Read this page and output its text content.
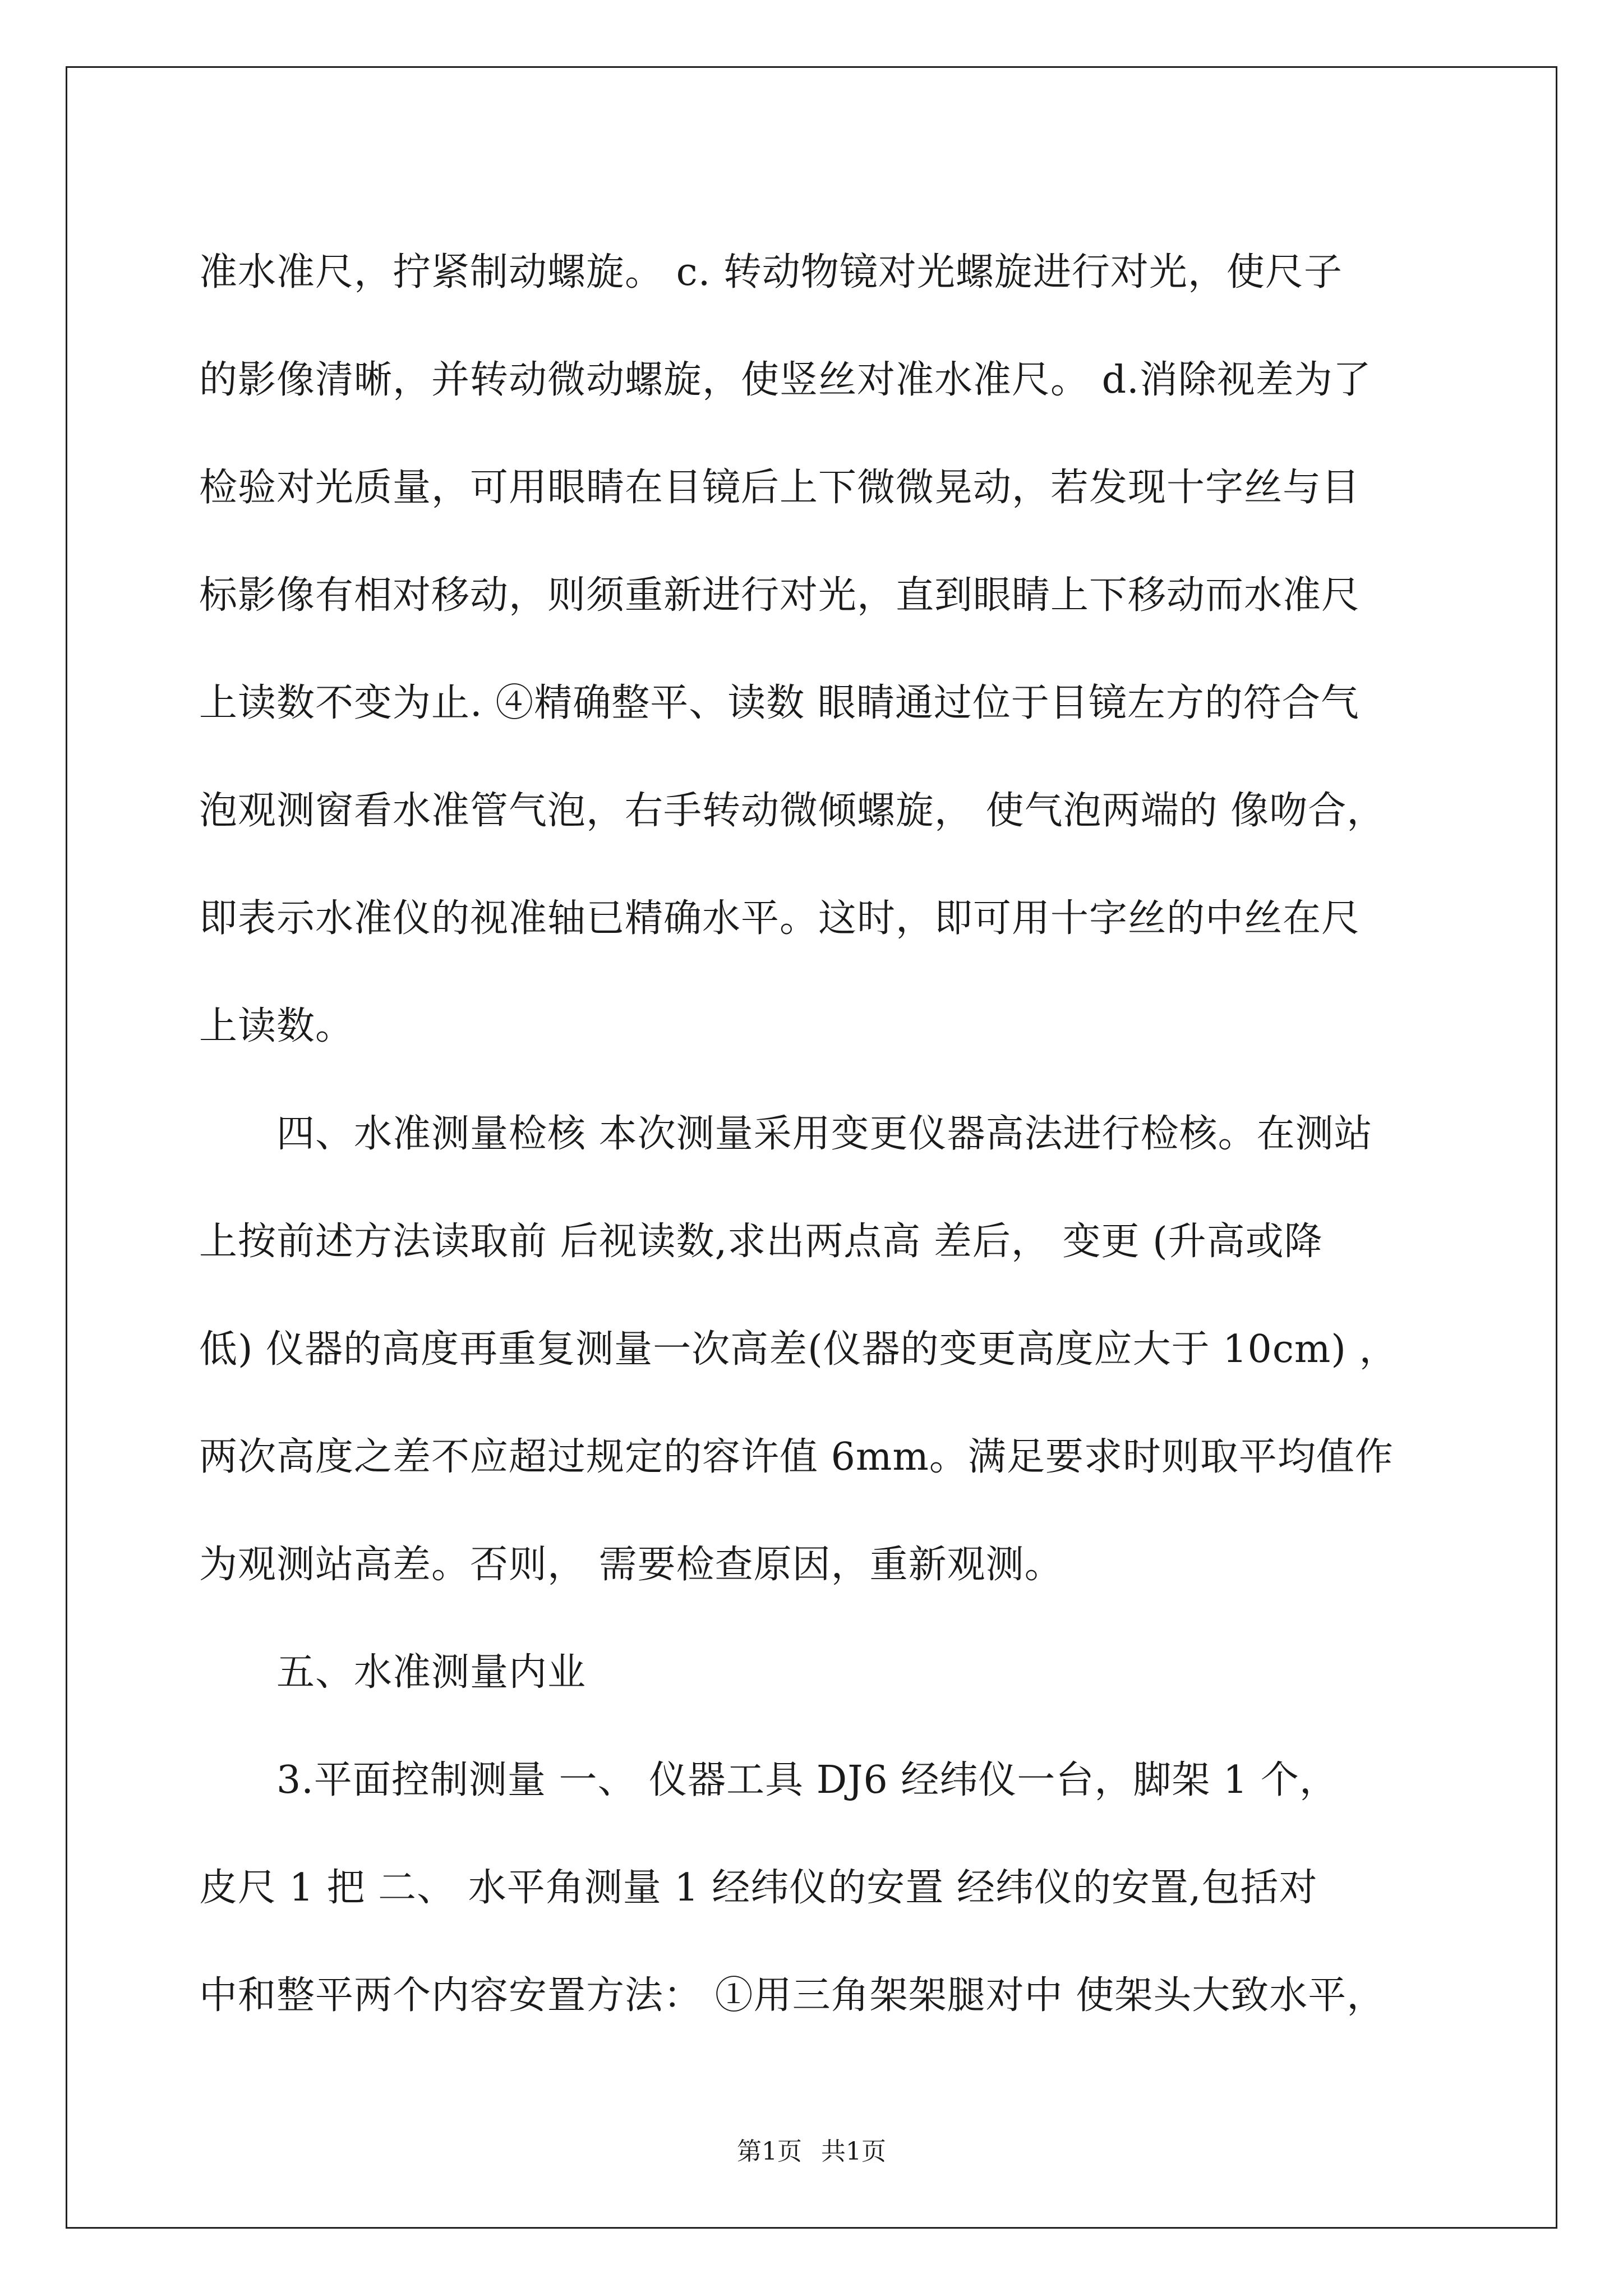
准水准尺，拧紧制动螺旋。 c. 转动物镜对光螺旋进行对光，使尺子
的影像清晰，并转动微动螺旋，使竖丝对准水准尺。 d.消除视差为了
检验对光质量，可用眼睛在目镜后上下微微晃动，若发现十字丝与目
标影像有相对移动，则须重新进行对光，直到眼睛上下移动而水准尺
上读数不变为止. ④精确整平、读数 眼睛通过位于目镜左方的符合气
泡观测窗看水准管气泡，右手转动微倾螺旋， 使气泡两端的 像吻合，
即表示水准仪的视准轴已精确水平。这时，即可用十字丝的中丝在尺
上读数。
　　四、水准测量检核 本次测量采用变更仪器高法进行检核。在测站
上按前述方法读取前 后视读数,求出两点高 差后， 变更 (升高或降
低) 仪器的高度再重复测量一次高差(仪器的变更高度应大于 10cm) ，
两次高度之差不应超过规定的容许值 6mm。满足要求时则取平均值作
为观测站高差。否则， 需要检查原因，重新观测。
　　五、水准测量内业
　　3.平面控制测量 一、 仪器工具 DJ6 经纬仪一台，脚架 1 个，
皮尺 1 把 二、 水平角测量 1 经纬仪的安置 经纬仪的安置,包括对
中和整平两个内容安置方法： ①用三角架架腿对中 使架头大致水平，
第1页 共1页
